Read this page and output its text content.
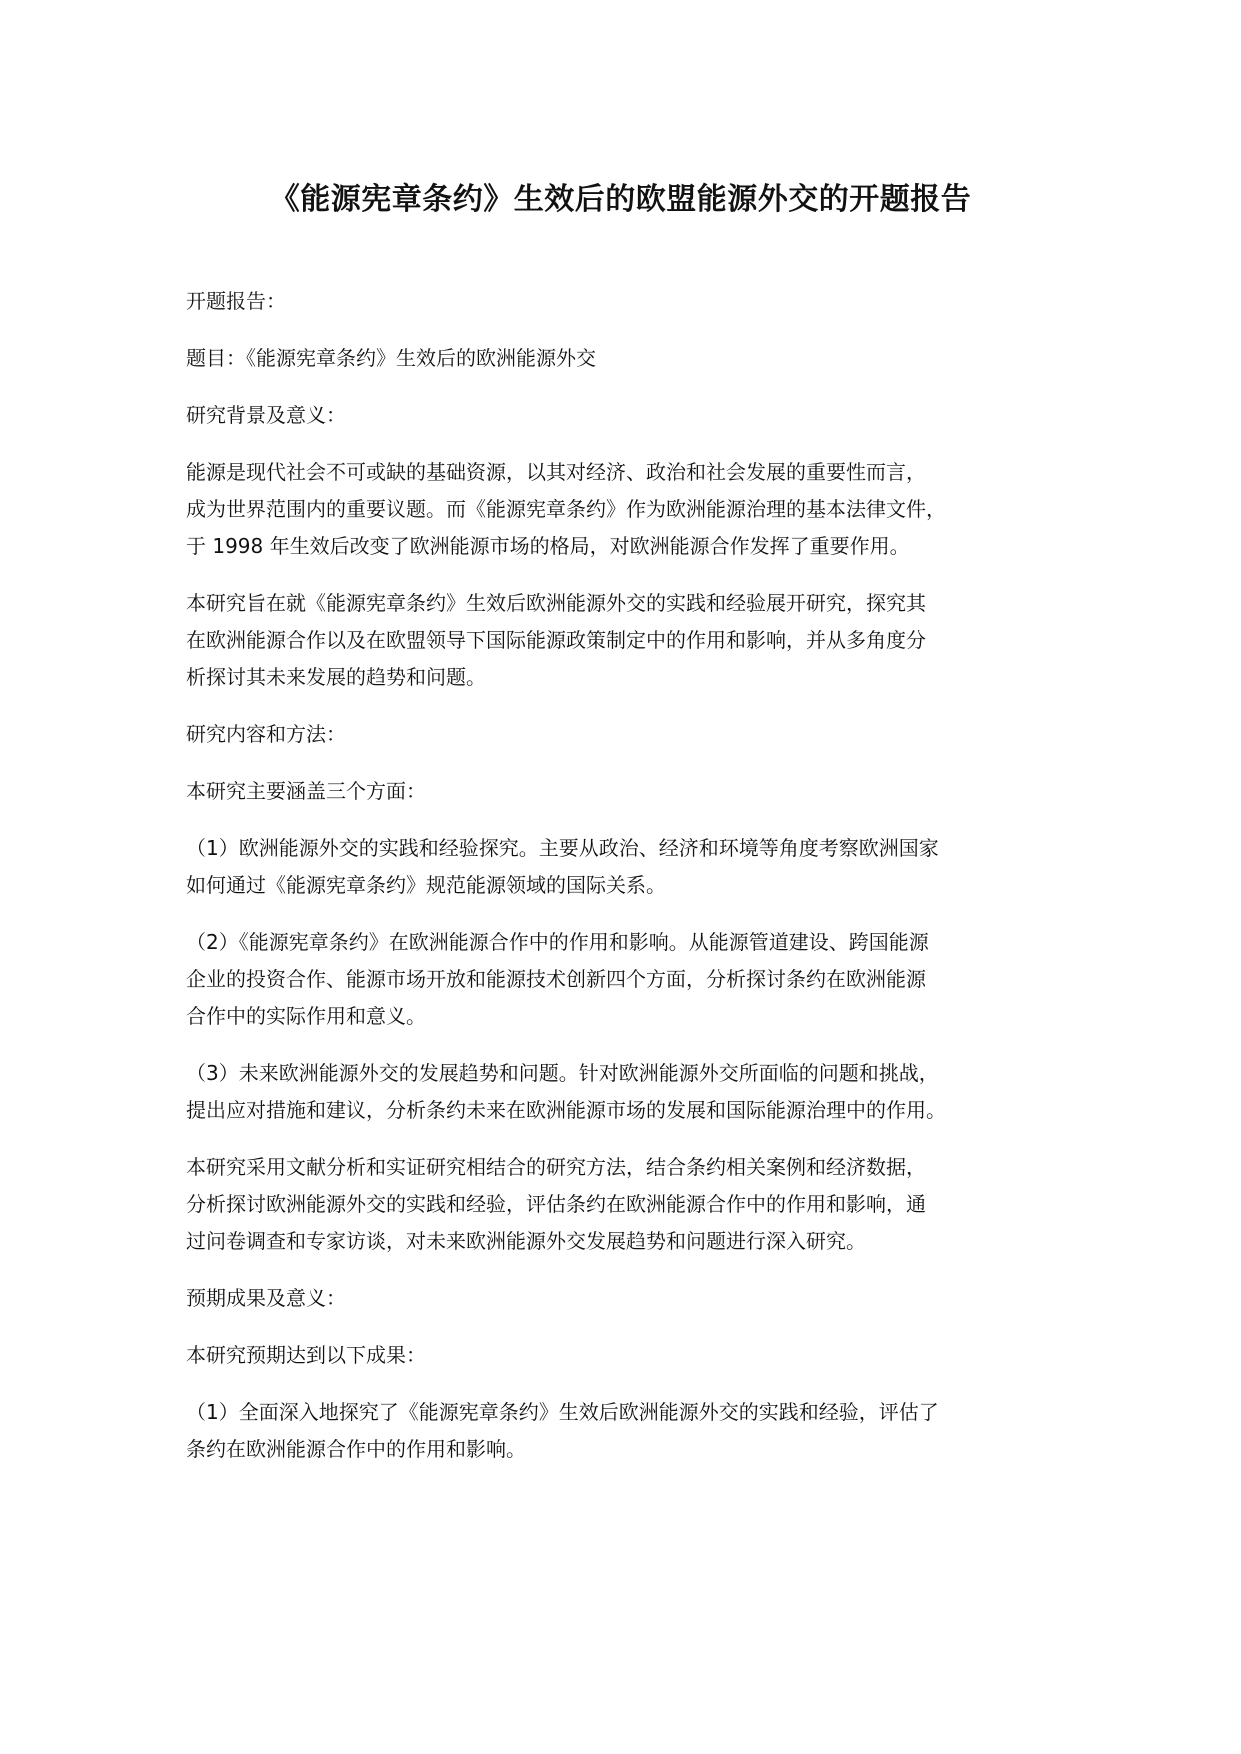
《能源宪章条约》生效后的欧盟能源外交的开题报告

开题报告：

题目：《能源宪章条约》生效后的欧洲能源外交

研究背景及意义：

能源是现代社会不可或缺的基础资源，以其对经济、政治和社会发展的重要性而言，
成为世界范围内的重要议题。而《能源宪章条约》作为欧洲能源治理的基本法律文件，
于 1998 年生效后改变了欧洲能源市场的格局，对欧洲能源合作发挥了重要作用。

本研究旨在就《能源宪章条约》生效后欧洲能源外交的实践和经验展开研究，探究其
在欧洲能源合作以及在欧盟领导下国际能源政策制定中的作用和影响，并从多角度分
析探讨其未来发展的趋势和问题。

研究内容和方法：

本研究主要涵盖三个方面：

（1）欧洲能源外交的实践和经验探究。主要从政治、经济和环境等角度考察欧洲国家
如何通过《能源宪章条约》规范能源领域的国际关系。

（2）《能源宪章条约》在欧洲能源合作中的作用和影响。从能源管道建设、跨国能源
企业的投资合作、能源市场开放和能源技术创新四个方面，分析探讨条约在欧洲能源
合作中的实际作用和意义。

（3）未来欧洲能源外交的发展趋势和问题。针对欧洲能源外交所面临的问题和挑战，
提出应对措施和建议，分析条约未来在欧洲能源市场的发展和国际能源治理中的作用。

本研究采用文献分析和实证研究相结合的研究方法，结合条约相关案例和经济数据，
分析探讨欧洲能源外交的实践和经验，评估条约在欧洲能源合作中的作用和影响，通
过问卷调查和专家访谈，对未来欧洲能源外交发展趋势和问题进行深入研究。

预期成果及意义：

本研究预期达到以下成果：

（1）全面深入地探究了《能源宪章条约》生效后欧洲能源外交的实践和经验，评估了
条约在欧洲能源合作中的作用和影响。
